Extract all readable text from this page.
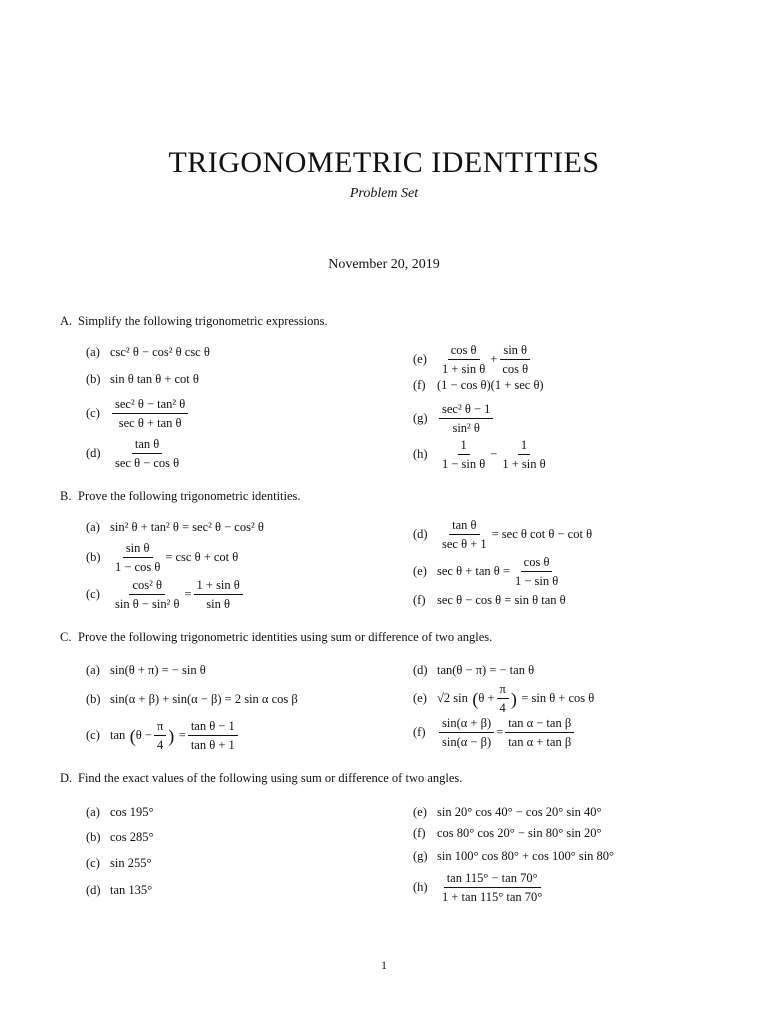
TRIGONOMETRIC IDENTITIES
Problem Set
November 20, 2019
A. Simplify the following trigonometric expressions.
(a) csc² θ − cos² θ csc θ
(b) sin θ tan θ + cot θ
$(c) \frac{\text{sec² θ − tan² θ}}{\text{sec θ + tan θ}}$
$(d) \frac{\text{tan θ}}{\text{sec θ − cos θ}}$
$(e) \frac{\text{cos θ}}{\text{1 + sin θ}} + \frac{\text{sin θ}}{\text{cos θ}}$
(f) (1 − cos θ)(1 + sec θ)
$(g) \frac{\text{sec² θ − 1}}{\text{sin² θ}}$
$(h) \frac{1}{\text{1 − sin θ}} - \frac{1}{\text{1 + sin θ}}$
B. Prove the following trigonometric identities.
(a) sin² θ + tan² θ = sec² θ − cos² θ
$(b) \frac{\text{sin θ}}{\text{1 − cos θ}} = \csc \theta + \cot \theta$
$(c) \frac{\text{cos² θ}}{\text{sin θ − sin² θ}} = \frac{\text{1 + sin θ}}{\text{sin θ}}$
$(d) \frac{\text{tan θ}}{\text{sec θ + 1}} = \sec \theta$ cot θ − cot θ
(e) $\sec \theta + \tan \theta = \frac{\text{cos θ}}{\text{1 − sin θ}}$
(f) sec θ − cos θ = sin θ tan θ
C. Prove the following trigonometric identities using sum or difference of two angles.
(a) sin(θ + π) = − sin θ
(b) sin(α + β) + sin(α − β) = 2 sin α cos β
(c) tan ( $\theta - \frac{\pi}{4}$ ) = $\frac{\text{tan θ − 1}}{\text{tan θ + 1}}$
(d) tan(θ − π) = − tan θ
(e) √2 sin ( $\theta + \frac{\pi}{4}$ ) = sin θ + cos θ
(f)	$\frac{\sin(\alpha + \beta)}{\sin(\alpha - \beta)} = \frac{\text{tan α − tan β}}{\text{tan α + tan β}}$
D. Find the exact values of the following using sum or difference of two angles.
(a) cos 195°
(b) cos 285°
(c) sin 255°
(d) tan 135°
(e) sin 20° cos 40° − cos 20° sin 40°
(f) cos 80° cos 20° − sin 80° sin 20°
(g) sin 100° cos 80° + cos 100° sin 80°
$(h) \frac{\tan 115^\circ - \tan 70^\circ}{1 + \tan 115^\circ \tan 70^\circ}$
1
